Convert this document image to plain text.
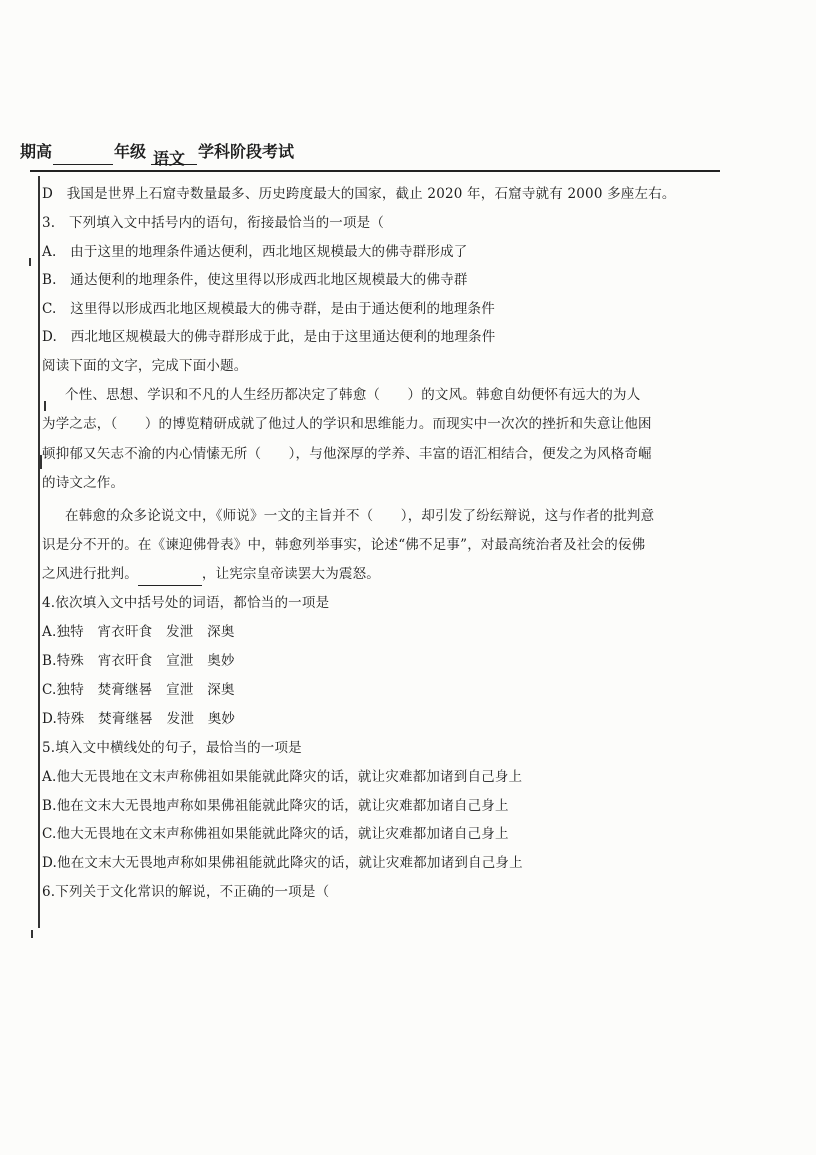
期高	年级 语文 学科阶段考试
D　我国是世界上石窟寺数量最多、历史跨度最大的国家，截止 2020 年，石窟寺就有 2000 多座左右。
3.　下列填入文中括号内的语句，衔接最恰当的一项是（
A.　由于这里的地理条件通达便利，西北地区规模最大的佛寺群形成了
B.　通达便利的地理条件，使这里得以形成西北地区规模最大的佛寺群
C.　这里得以形成西北地区规模最大的佛寺群，是由于通达便利的地理条件
D.　西北地区规模最大的佛寺群形成于此，是由于这里通达便利的地理条件
阅读下面的文字，完成下面小题。
个性、思想、学识和不凡的人生经历都决定了韩愈（　　）的文风。韩愈自幼便怀有远大的为人
为学之志，（　　）的博览精研成就了他过人的学识和思维能力。而现实中一次次的挫折和失意让他困
顿抑郁又矢志不渝的内心情愫无所（　　），与他深厚的学养、丰富的语汇相结合，便发之为风格奇崛
的诗文之作。
在韩愈的众多论说文中，《师说》一文的主旨并不（　　），却引发了纷纭辩说，这与作者的批判意
识是分不开的。在《谏迎佛骨表》中，韩愈列举事实，论述“佛不足事”，对最高统治者及社会的佞佛
之风进行批判。	，让宪宗皇帝读罢大为震怒。
4.依次填入文中括号处的词语，都恰当的一项是
A.独特　宵衣旰食　发泄　深奥
B.特殊　宵衣旰食　宣泄　奥妙
C.独特　焚膏继晷　宣泄　深奥
D.特殊　焚膏继晷　发泄　奥妙
5.填入文中横线处的句子，最恰当的一项是
A.他大无畏地在文末声称佛祖如果能就此降灾的话，就让灾难都加诸到自己身上
B.他在文末大无畏地声称如果佛祖能就此降灾的话，就让灾难都加诸自己身上
C.他大无畏地在文末声称佛祖如果能就此降灾的话，就让灾难都加诸自己身上
D.他在文末大无畏地声称如果佛祖能就此降灾的话，就让灾难都加诸到自己身上
6.下列关于文化常识的解说，不正确的一项是（
